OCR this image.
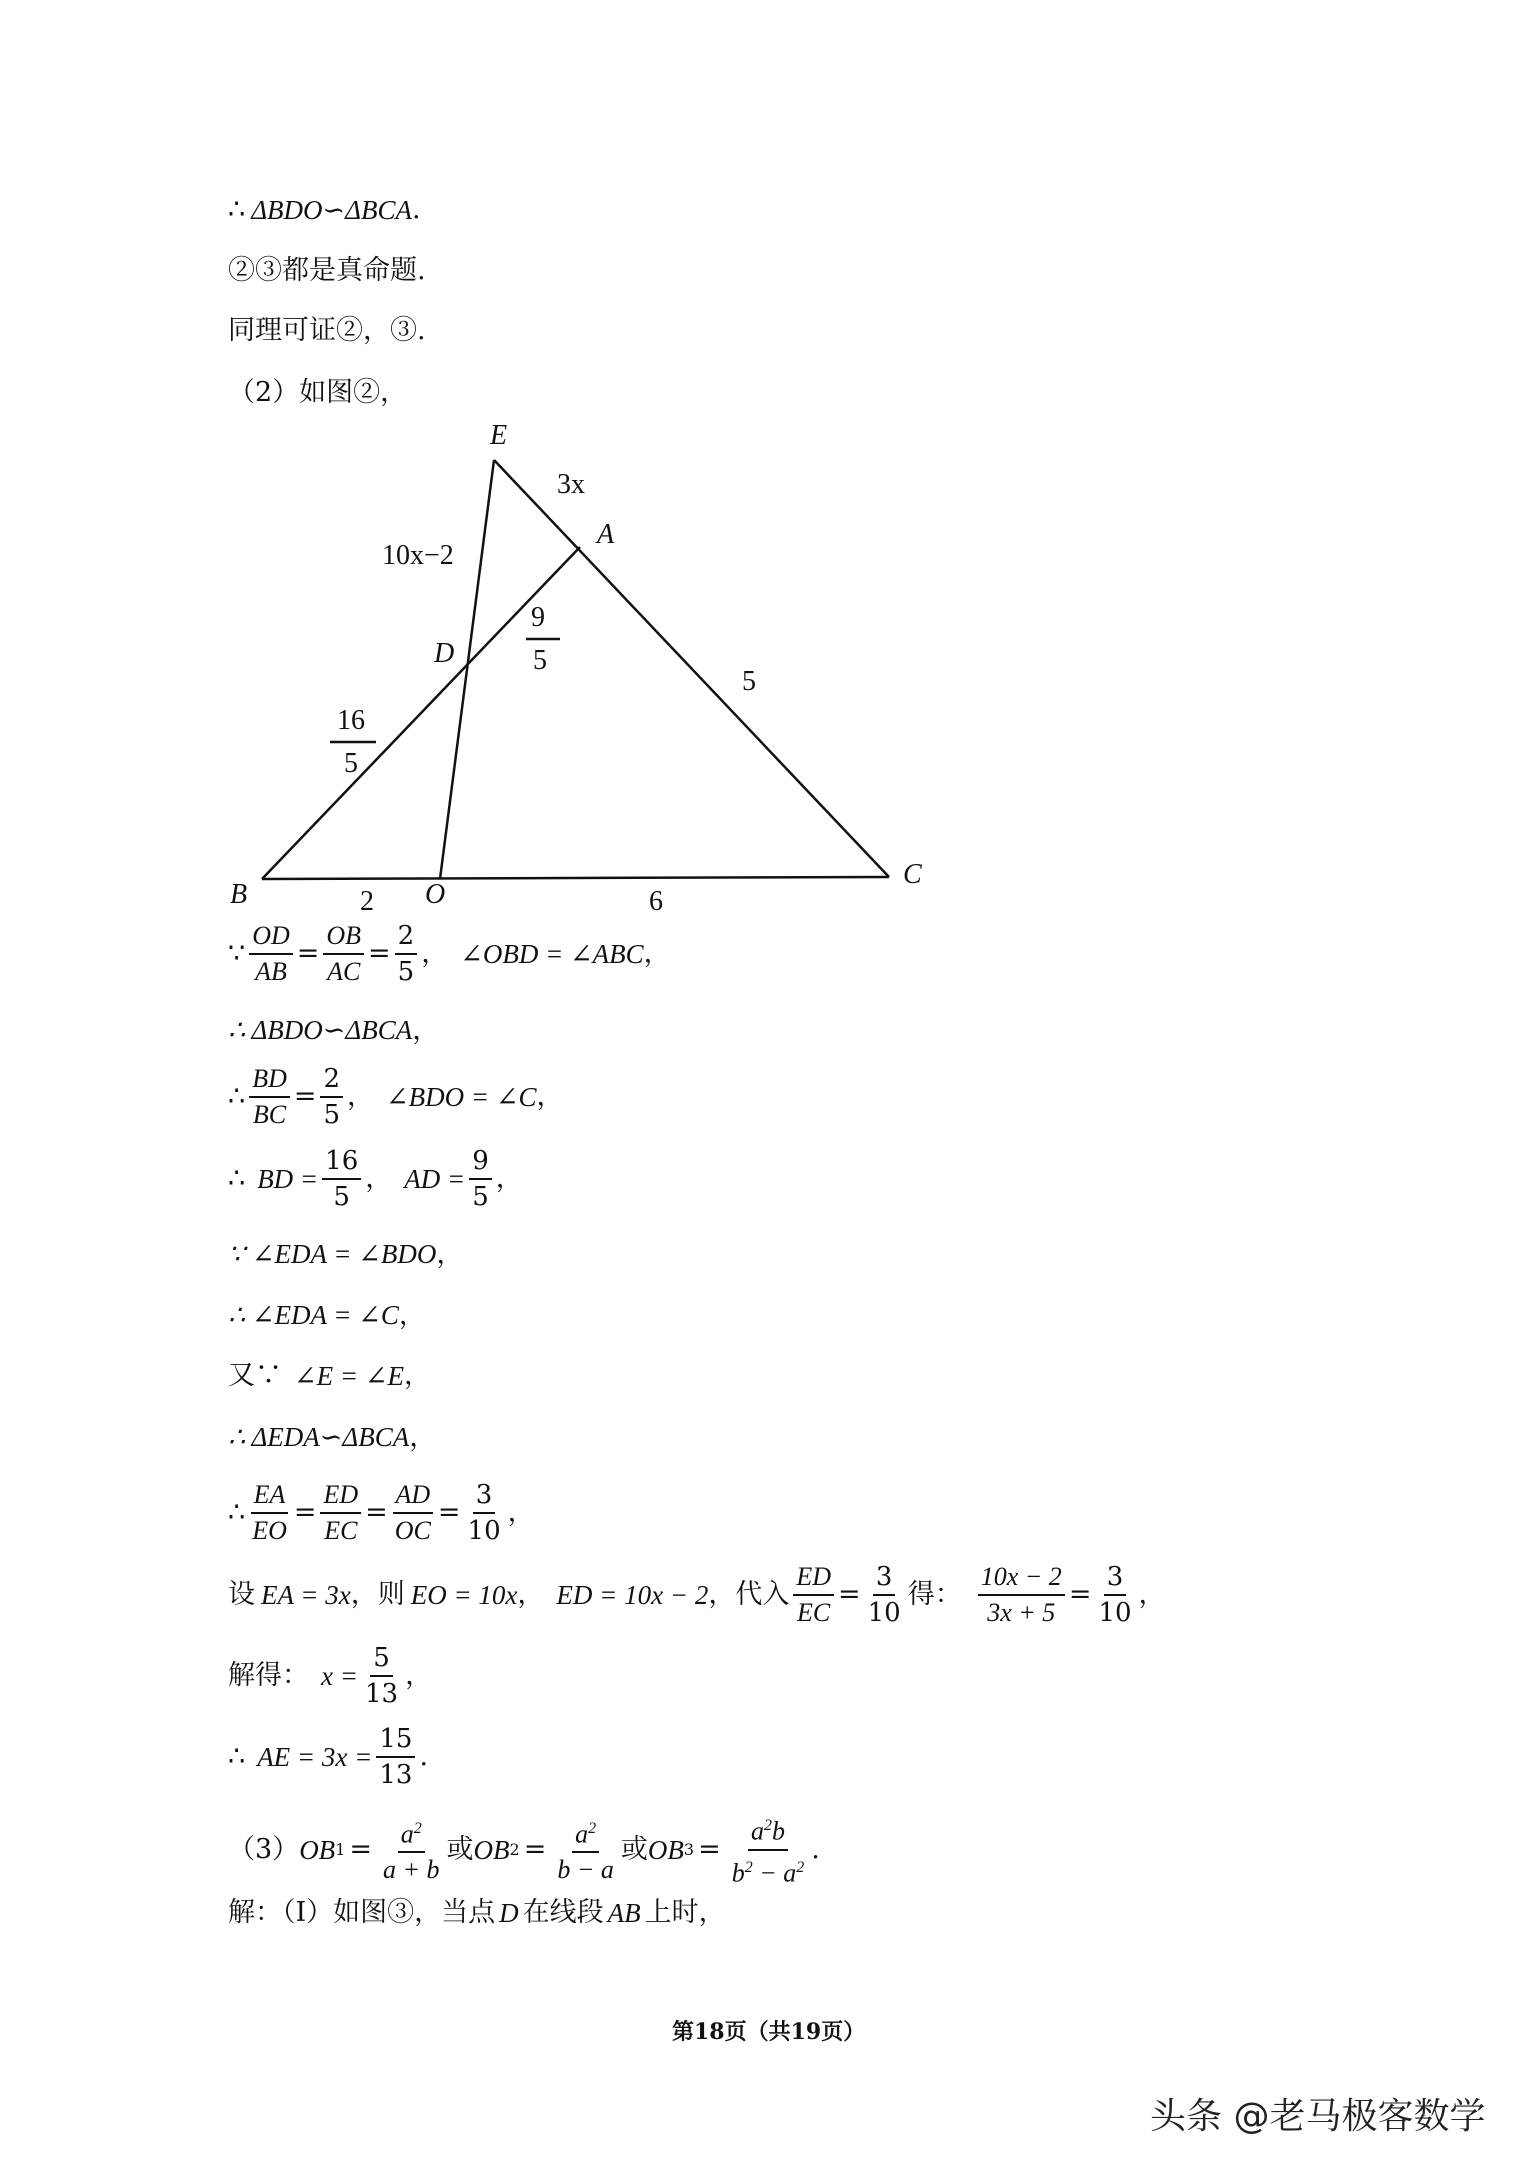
∴ ΔBDO∽ΔBCA .
②③都是真命题.
同理可证②，③.
（2）如图②，
E
3x
A
10x−2
9
5
D
5
16
5
B	2 O	6
C
∵ $\frac{OD}{AB} = \frac{OB}{AC} = \frac{2}{5}$ ， ∠OBD = ∠ABC ，
∴ ΔBDO∽ΔBCA ，
∴ $\frac{BD}{BC} = \frac{2}{5}$ ， ∠BDO = ∠C ，
∴ BD = $\frac{16}{5}$ ， AD = $\frac{9}{5}$ ，
∵ ∠EDA = ∠BDO ，
∴ ∠EDA = ∠C ，
又∵ ∠E = ∠E ，
∴ ΔEDA∽ΔBCA ，
∴ $\frac{EA}{EO} = \frac{ED}{EC} = \frac{AD}{OC} = \frac{3}{10}$ ，
设 EA = 3x ，则 EO = 10x ， ED = 10x − 2 ，代入 $\frac{ED}{EC} = \frac{3}{10}$ 得： $\frac{10x - 2}{3x + 5} = \frac{3}{10}$ ，
解得： $x = \frac{5}{13}$ ，
∴ AE = $3x = \frac{15}{13}$ .
（3） OB $1 = \frac{a^2}{a + b}$ 或 OB $2 = \frac{a^2}{b - a}$ 或 OB $3 = \frac{a^2b}{b^2 - a^2}$ .
解：（Ⅰ）如图③，当点 D 在线段 AB 上时，
第18页（共19页）
头条 @老马极客数学
